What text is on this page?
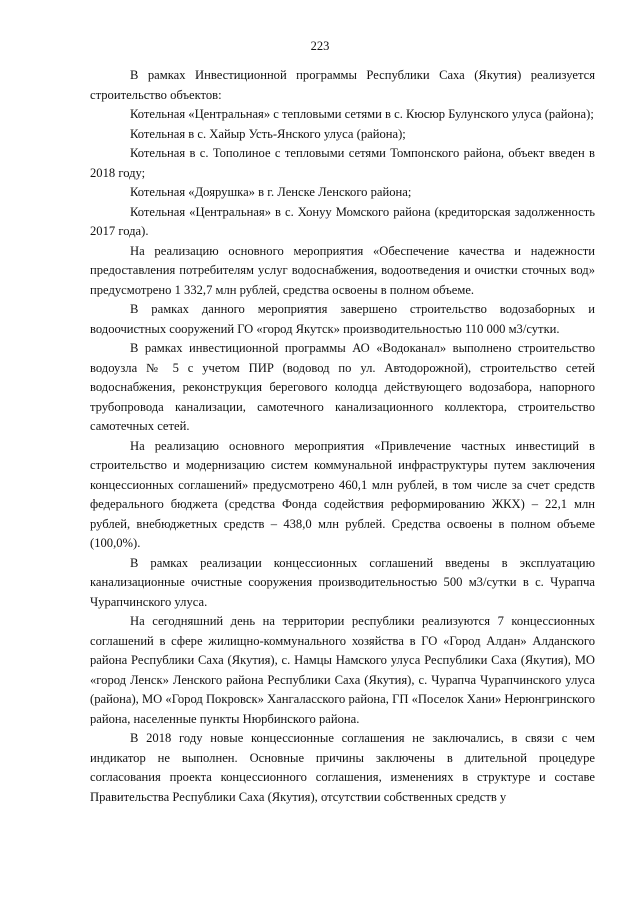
223

В рамках Инвестиционной программы Республики Саха (Якутия) реализуется строительство объектов:

Котельная «Центральная» с тепловыми сетями в с. Кюсюр Булунского улуса (района);

Котельная в с. Хайыр Усть-Янского улуса (района);

Котельная в с. Тополиное с тепловыми сетями Томпонского района, объект введен в 2018 году;

Котельная «Доярушка» в г. Ленске Ленского района;

Котельная «Центральная» в с. Хонуу Момского района (кредиторская задолженность 2017 года).

На реализацию основного мероприятия «Обеспечение качества и надежности предоставления потребителям услуг водоснабжения, водоотведения и очистки сточных вод» предусмотрено 1 332,7 млн рублей, средства освоены в полном объеме.

В рамках данного мероприятия завершено строительство водозаборных и водоочистных сооружений ГО «город Якутск» производительностью 110 000 м3/сутки.

В рамках инвестиционной программы АО «Водоканал» выполнено строительство водоузла № 5 с учетом ПИР (водовод по ул. Автодорожной), строительство сетей водоснабжения, реконструкция берегового колодца действующего водозабора, напорного трубопровода канализации, самотечного канализационного коллектора, строительство самотечных сетей.

На реализацию основного мероприятия «Привлечение частных инвестиций в строительство и модернизацию систем коммунальной инфраструктуры путем заключения концессионных соглашений» предусмотрено 460,1 млн рублей, в том числе за счет средств федерального бюджета (средства Фонда содействия реформированию ЖКХ) – 22,1 млн рублей, внебюджетных средств – 438,0 млн рублей. Средства освоены в полном объеме (100,0%).

В рамках реализации концессионных соглашений введены в эксплуатацию канализационные очистные сооружения производительностью 500 м3/сутки в с. Чурапча Чурапчинского улуса.

На сегодняшний день на территории республики реализуются 7 концессионных соглашений в сфере жилищно-коммунального хозяйства в ГО «Город Алдан» Алданского района Республики Саха (Якутия), с. Намцы Намского улуса Республики Саха (Якутия), МО «город Ленск» Ленского района Республики Саха (Якутия), с. Чурапча Чурапчинского улуса (района), МО «Город Покровск» Хангаласского района, ГП «Поселок Хани» Нерюнгринского района, населенные пункты Нюрбинского района.

В 2018 году новые концессионные соглашения не заключались, в связи с чем индикатор не выполнен. Основные причины заключены в длительной процедуре согласования проекта концессионного соглашения, изменениях в структуре и составе Правительства Республики Саха (Якутия), отсутствии собственных средств у
